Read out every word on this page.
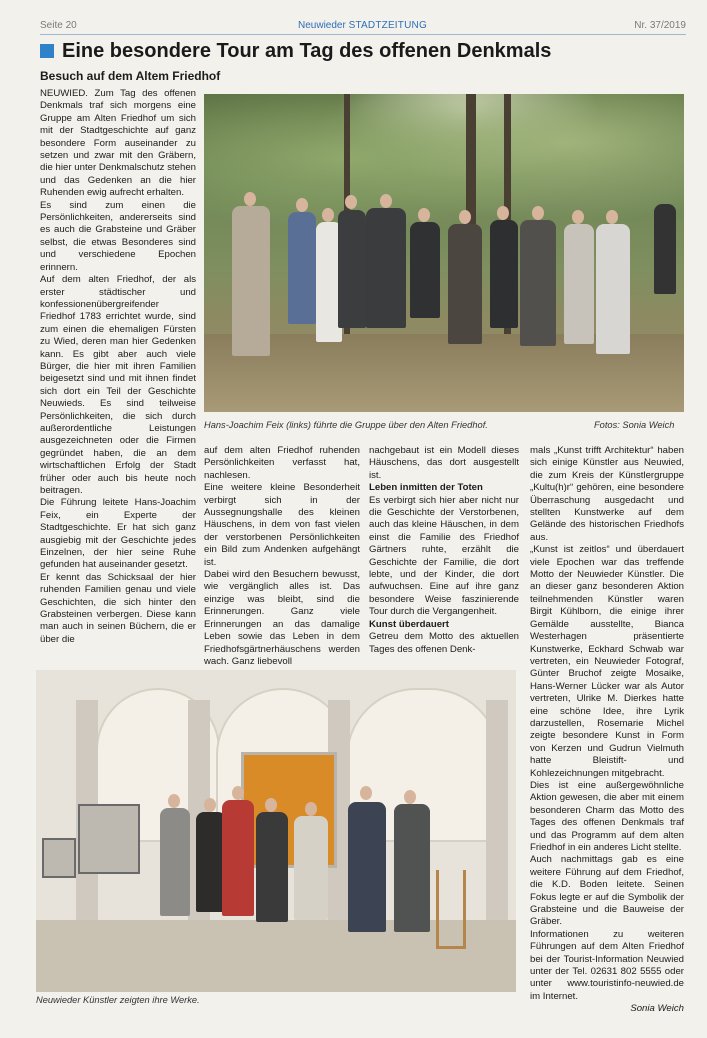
Seite 20	Neuwieder STADTZEITUNG	Nr. 37/2019
Eine besondere Tour am Tag des offenen Denkmals
Besuch auf dem Altem Friedhof

NEUWIED. Zum Tag des offenen Denkmals traf sich morgens eine Gruppe am Alten Friedhof um sich mit der Stadtgeschichte auf ganz besondere Form auseinander zu setzen und zwar mit den Gräbern, die hier unter Denkmalschutz stehen und das Gedenken an die hier Ruhenden ewig aufrecht erhalten.

Es sind zum einen die Persönlichkeiten, andererseits sind es auch die Grabsteine und Gräber selbst, die etwas Besonderes sind und verschiedene Epochen erinnern.

Auf dem alten Friedhof, der als erster städtischer und konfessionenübergreifender Friedhof 1783 errichtet wurde, sind zum einen die ehemaligen Fürsten zu Wied, deren man hier Gedenken kann. Es gibt aber auch viele Bürger, die hier mit ihren Familien beigesetzt sind und mit ihnen findet sich dort ein Teil der Geschichte Neuwieds. Es sind teilweise Persönlichkeiten, die sich durch außerordentliche Leistungen ausgezeichneten oder die Firmen gegründet haben, die an dem wirtschaftlichen Erfolg der Stadt früher oder auch bis heute noch beitragen.

Die Führung leitete Hans-Joachim Feix, ein Experte der Stadtgeschichte. Er hat sich ganz ausgiebig mit der Geschichte jedes Einzelnen, der hier seine Ruhe gefunden hat auseinander gesetzt.

Er kennt das Schicksaal der hier ruhenden Familien genau und viele Geschichten, die sich hinter den Grabsteinen verbergen. Diese kann man auch in seinen Büchern, die er über die

Hans-Joachim Feix (links) führte die Gruppe über den Alten Friedhof.	Fotos: Sonia Weich

auf dem alten Friedhof ruhenden Persönlichkeiten verfasst hat, nachlesen.

Eine weitere kleine Besonderheit verbirgt sich in der Aussegnungshalle des kleinen Häuschens, in dem von fast vielen der verstorbenen Persönlichkeiten ein Bild zum Andenken aufgehängt ist.

Dabei wird den Besuchern bewusst, wie vergänglich alles ist. Das einzige was bleibt, sind die Erinnerungen. Ganz viele Erinnerungen an das damalige Leben sowie das Leben in dem Friedhofsgärtnerhäuschens werden wach. Ganz liebevoll

nachgebaut ist ein Modell dieses Häuschens, das dort ausgestellt ist.

Leben inmitten der Toten

Es verbirgt sich hier aber nicht nur die Geschichte der Verstorbenen, auch das kleine Häuschen, in dem einst die Familie des Friedhof Gärtners ruhte, erzählt die Geschichte der Familie, die dort lebte, und der Kinder, die dort aufwuchsen. Eine auf ihre ganz besondere Weise faszinierende Tour durch die Vergangenheit.

Kunst überdauert

Getreu dem Motto des aktuellen Tages des offenen Denk-

mals „Kunst trifft Architektur“ haben sich einige Künstler aus Neuwied, die zum Kreis der Künstlergruppe „Kultu(h)r“ gehören, eine besondere Überraschung ausgedacht und stellten Kunstwerke auf dem Gelände des historischen Friedhofs aus.

„Kunst ist zeitlos“ und überdauert viele Epochen war das treffende Motto der Neuwieder Künstler. Die an dieser ganz besonderen Aktion teilnehmenden Künstler waren Birgit Kühlborn, die einige ihrer Gemälde ausstellte, Bianca Westerhagen präsentierte Kunstwerke, Eckhard Schwab war vertreten, ein Neuwieder Fotograf, Günter Bruchof zeigte Mosaike, Hans-Werner Lücker war als Autor vertreten, Ulrike M. Dierkes hatte eine schöne Idee, ihre Lyrik darzustellen, Rosemarie Michel zeigte besondere Kunst in Form von Kerzen und Gudrun Vielmuth hatte Bleistift- und Kohlezeichnungen mitgebracht.

Dies ist eine außergewöhnliche Aktion gewesen, die aber mit einem besonderen Charm das Motto des Tages des offenen Denkmals traf und das Programm auf dem alten Friedhof in ein anderes Licht stellte.

Auch nachmittags gab es eine weitere Führung auf dem Friedhof, die K.D. Boden leitete. Seinen Fokus legte er auf die Symbolik der Grabsteine und die Bauweise der Gräber.

Informationen zu weiteren Führungen auf dem Alten Friedhof bei der Tourist-Information Neuwied unter der Tel. 02631 802 5555 oder unter www.touristinfo-neuwied.de im Internet.

Sonia Weich

Neuwieder Künstler zeigten ihre Werke.
